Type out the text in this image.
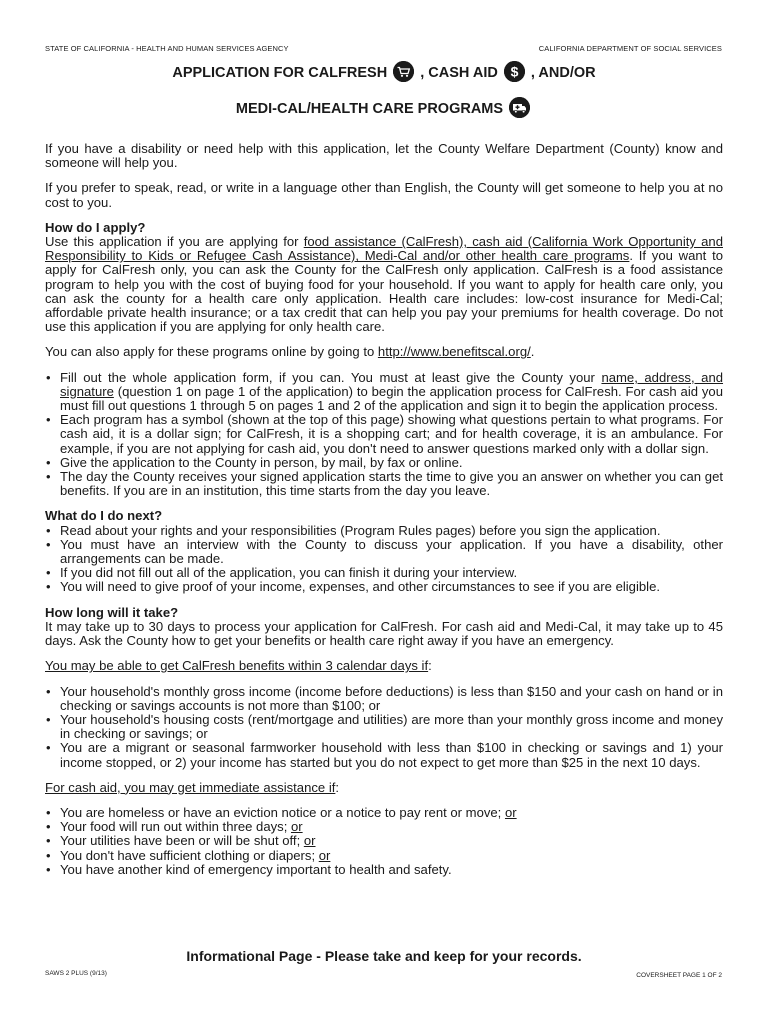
STATE OF CALIFORNIA - HEALTH AND HUMAN SERVICES AGENCY	CALIFORNIA DEPARTMENT OF SOCIAL SERVICES
APPLICATION FOR CALFRESH , CASH AID $ , AND/OR
MEDI-CAL/HEALTH CARE PROGRAMS

If you have a disability or need help with this application, let the County Welfare Department (County) know and someone will help you.

If you prefer to speak, read, or write in a language other than English, the County will get someone to help you at no cost to you.

How do I apply?

Use this application if you are applying for food assistance (CalFresh), cash aid (California Work Opportunity and Responsibility to Kids or Refugee Cash Assistance), Medi-Cal and/or other health care programs. If you want to apply for CalFresh only, you can ask the County for the CalFresh only application. CalFresh is a food assistance program to help you with the cost of buying food for your household. If you want to apply for health care only, you can ask the county for a health care only application. Health care includes: low-cost insurance for Medi-Cal; affordable private health insurance; or a tax credit that can help you pay your premiums for health coverage. Do not use this application if you are applying for only health care.

You can also apply for these programs online by going to http://www.benefitscal.org/.

• Fill out the whole application form, if you can. You must at least give the County your name, address, and signature (question 1 on page 1 of the application) to begin the application process for CalFresh. For cash aid you must fill out questions 1 through 5 on pages 1 and 2 of the application and sign it to begin the application process.
• Each program has a symbol (shown at the top of this page) showing what questions pertain to what programs. For cash aid, it is a dollar sign; for CalFresh, it is a shopping cart; and for health coverage, it is an ambulance. For example, if you are not applying for cash aid, you don't need to answer questions marked only with a dollar sign.
• Give the application to the County in person, by mail, by fax or online.
• The day the County receives your signed application starts the time to give you an answer on whether you can get benefits. If you are in an institution, this time starts from the day you leave.
What do I do next?
• Read about your rights and your responsibilities (Program Rules pages) before you sign the application.
• You must have an interview with the County to discuss your application. If you have a disability, other arrangements can be made.
• If you did not fill out all of the application, you can finish it during your interview.
• You will need to give proof of your income, expenses, and other circumstances to see if you are eligible.
How long will it take?

It may take up to 30 days to process your application for CalFresh. For cash aid and Medi-Cal, it may take up to 45 days. Ask the County how to get your benefits or health care right away if you have an emergency.

You may be able to get CalFresh benefits within 3 calendar days if:

• Your household's monthly gross income (income before deductions) is less than $150 and your cash on hand or in checking or savings accounts is not more than $100; or
• Your household's housing costs (rent/mortgage and utilities) are more than your monthly gross income and money in checking or savings; or
• You are a migrant or seasonal farmworker household with less than $100 in checking or savings and 1) your income stopped, or 2) your income has started but you do not expect to get more than $25 in the next 10 days.

For cash aid, you may get immediate assistance if:

• You are homeless or have an eviction notice or a notice to pay rent or move; or
• Your food will run out within three days; or
• Your utilities have been or will be shut off; or
• You don't have sufficient clothing or diapers; or
• You have another kind of emergency important to health and safety.
Informational Page - Please take and keep for your records.
SAWS 2 PLUS (9/13)	COVERSHEET PAGE 1 OF 2
